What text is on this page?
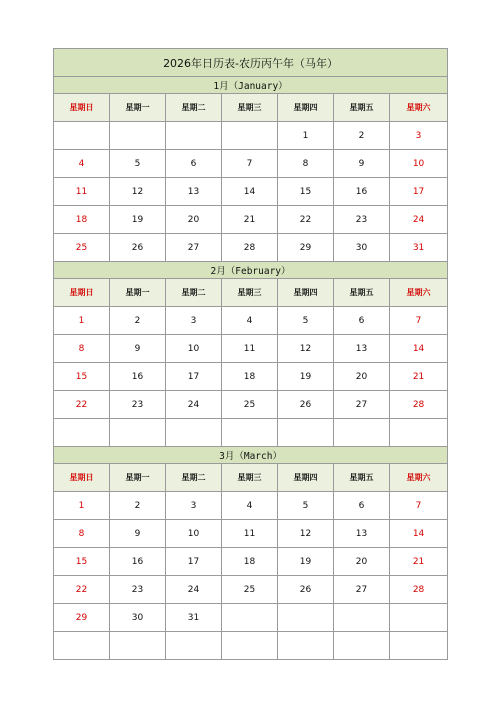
2026年日历表-农历丙午年（马年）						
1月（January）						
星期日	星期一	星期二	星期三	星期四	星期五	星期六
				1	2	3
4	5	6	7	8	9	10
11	12	13	14	15	16	17
18	19	20	21	22	23	24
25	26	27	28	29	30	31
2月（February）						
星期日	星期一	星期二	星期三	星期四	星期五	星期六
1	2	3	4	5	6	7
8	9	10	11	12	13	14
15	16	17	18	19	20	21
22	23	24	25	26	27	28

3月（March）						
星期日	星期一	星期二	星期三	星期四	星期五	星期六
1	2	3	4	5	6	7
8	9	10	11	12	13	14
15	16	17	18	19	20	21
22	23	24	25	26	27	28
29	30	31				
